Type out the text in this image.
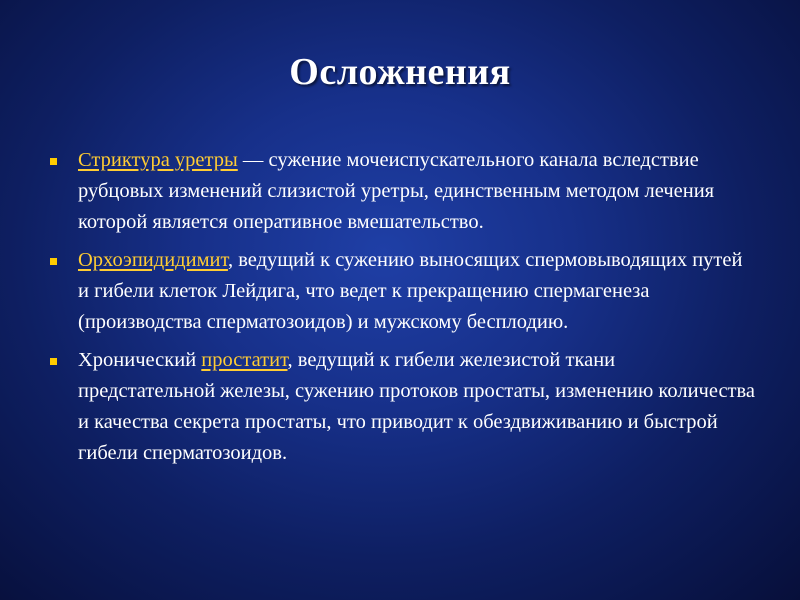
Осложнения
Стриктура уретры — сужение мочеиспускательного канала вследствие рубцовых изменений слизистой уретры, единственным методом лечения которой является оперативное вмешательство.
Орхоэпидидимит, ведущий к сужению выносящих спермовыводящих путей и гибели клеток Лейдига, что ведет к прекращению спермагенеза (производства сперматозоидов) и мужскому бесплодию.
Хронический простатит, ведущий к гибели железистой ткани предстательной железы, сужению протоков простаты, изменению количества и качества секрета простаты, что приводит к обездвиживанию и быстрой гибели сперматозоидов.
